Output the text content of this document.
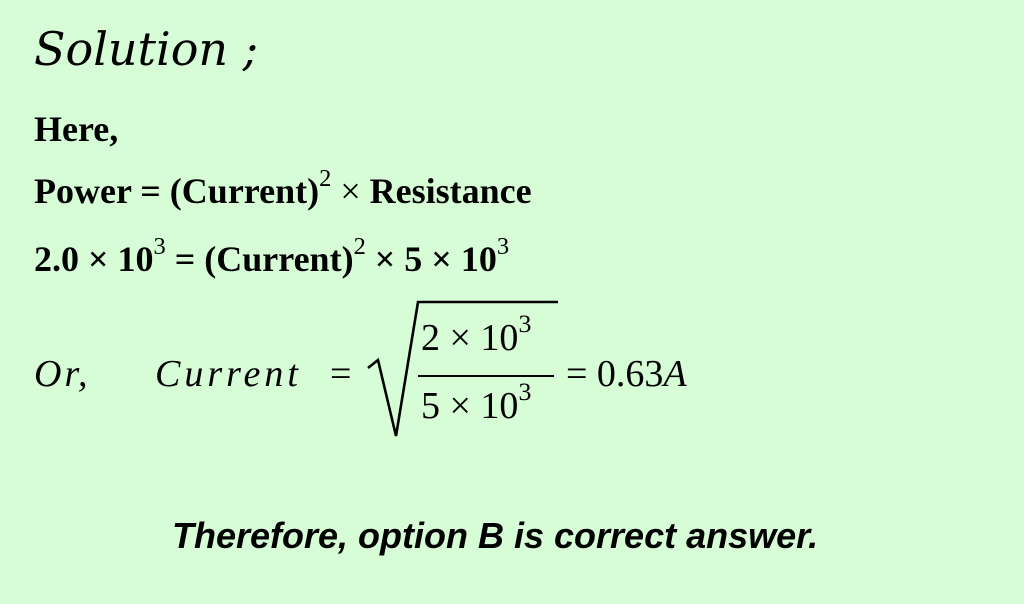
Solution ;
Here,
Power = (Current)$^2$ × Resistance
$2.0 \times 10^3$ = (Current)$^2$ × $5 \times 10^3$
Or, Current =
$2 \times 10^3$
$5 \times 10^3 = 0.63A$
Therefore, option B is correct answer.
